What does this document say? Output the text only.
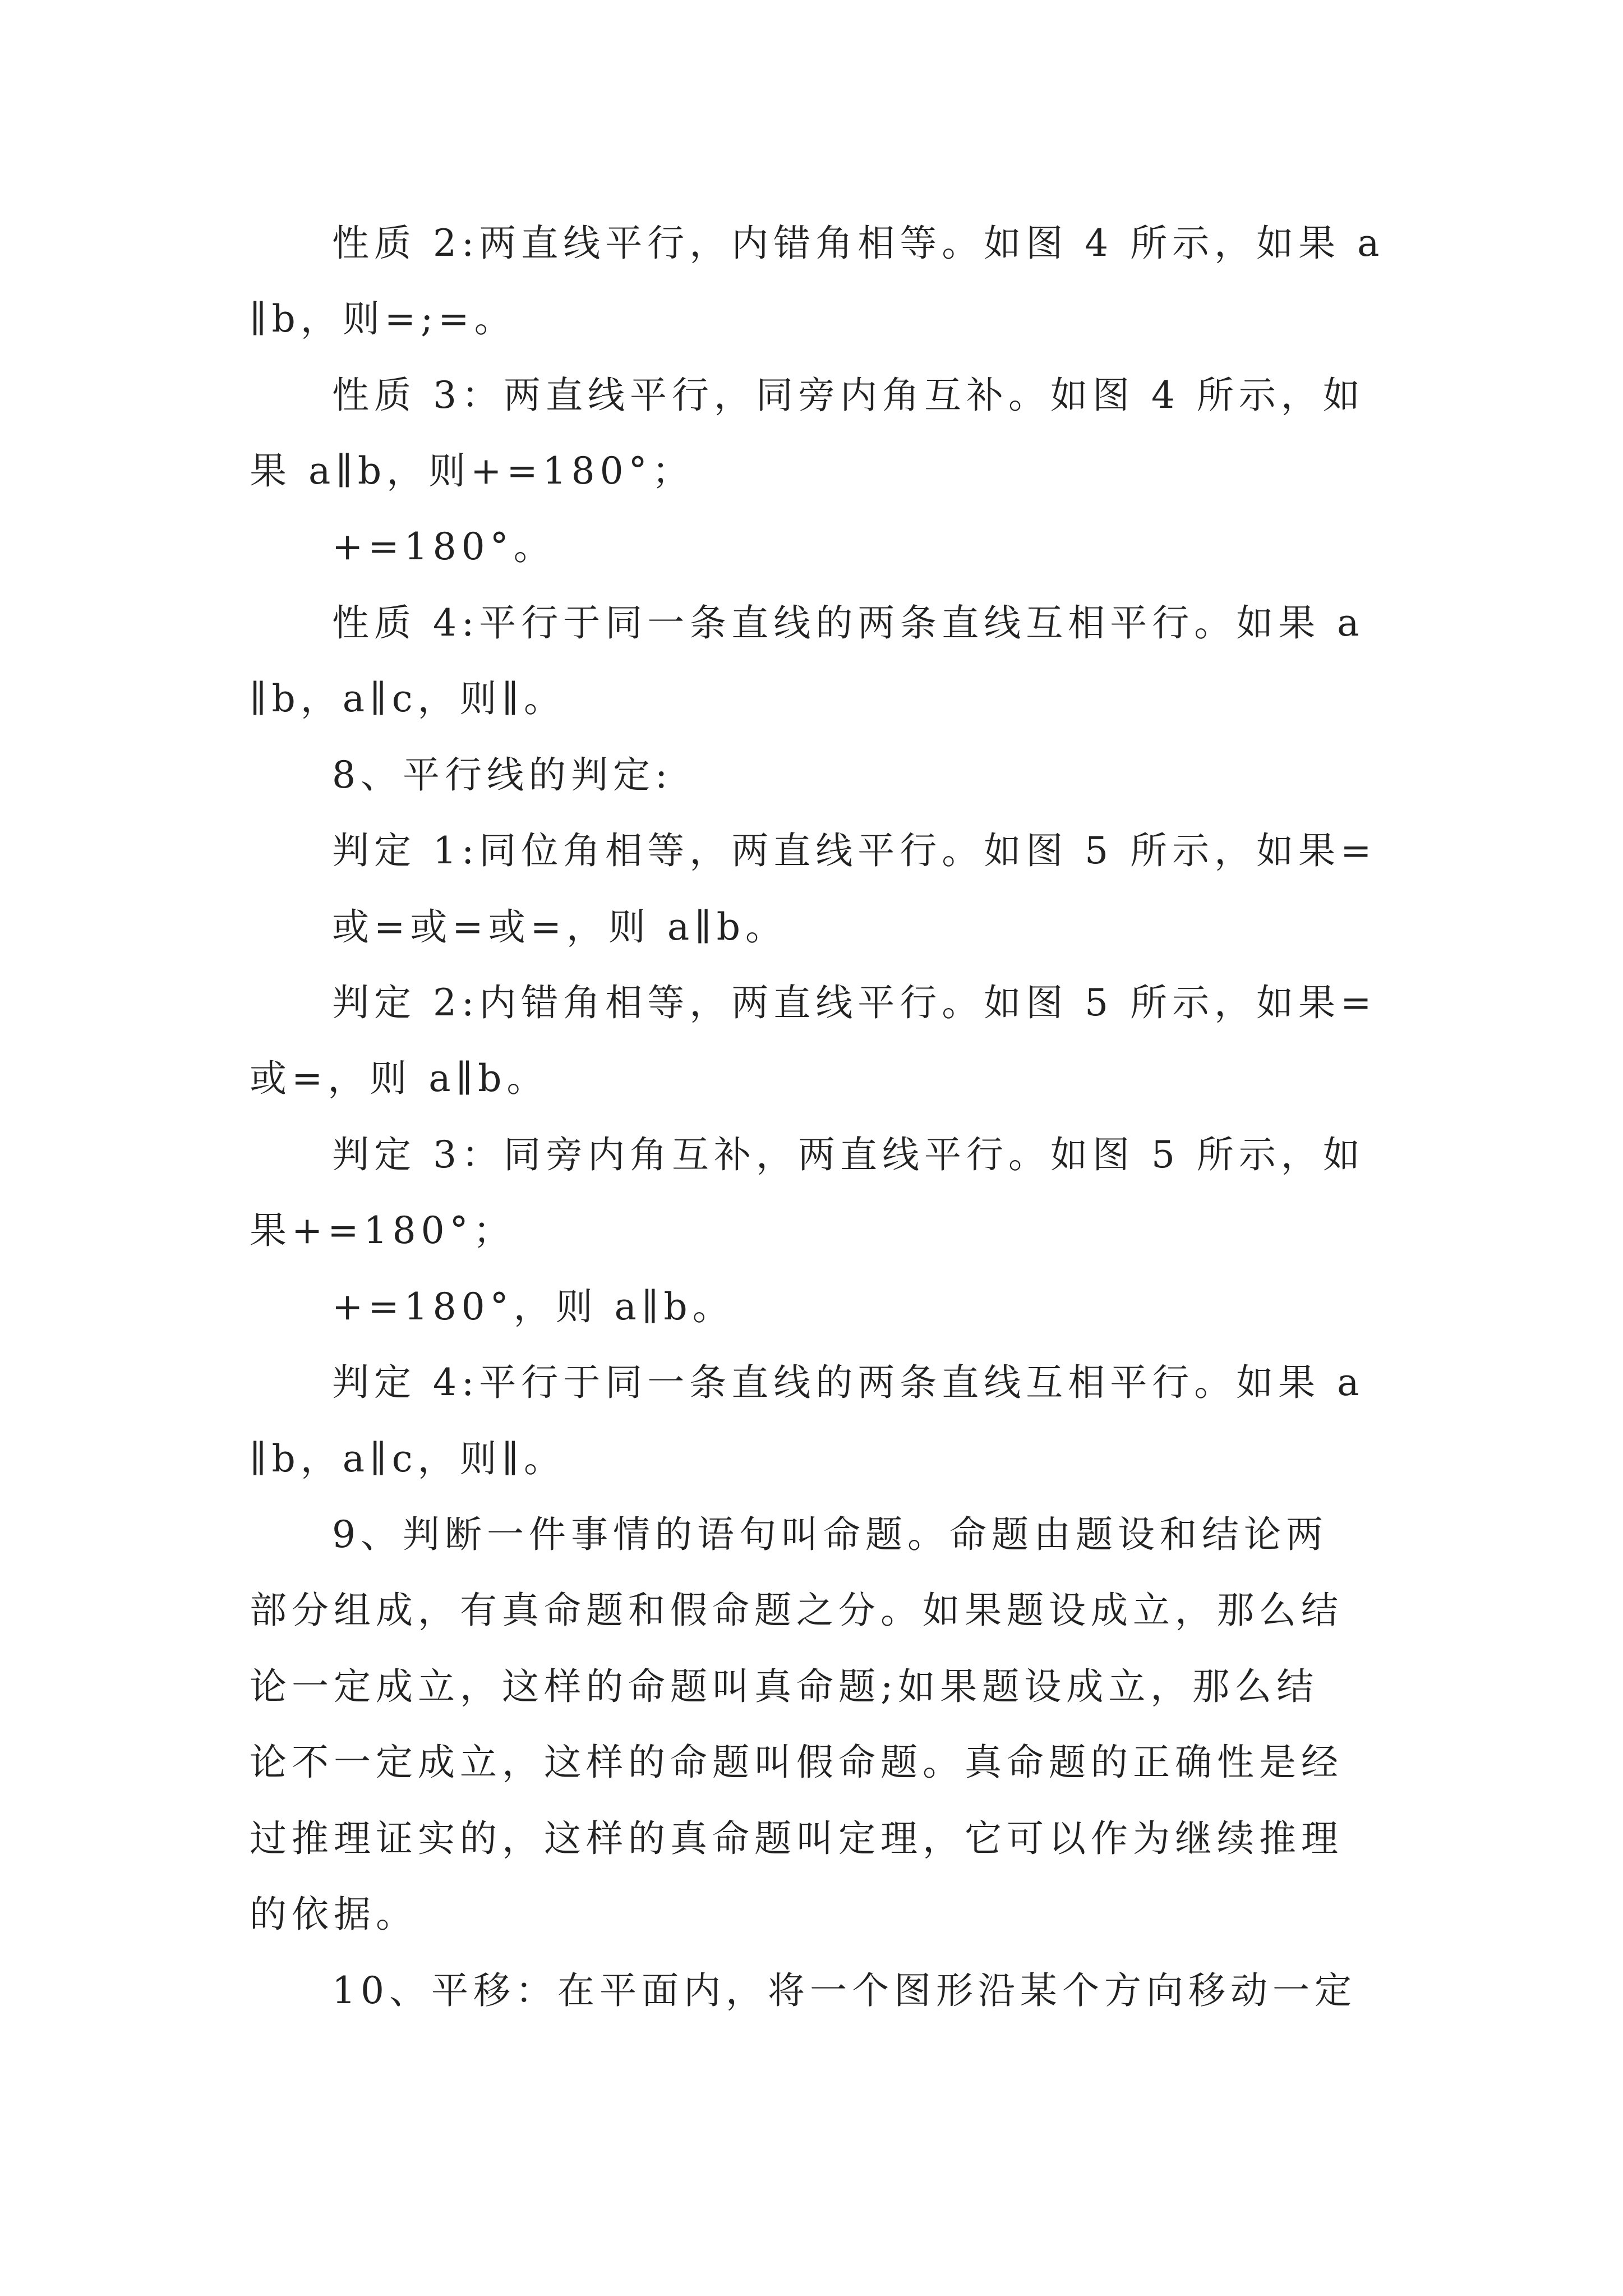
性质 2:两直线平行，内错角相等。如图 4 所示，如果 a
∥b，则=;=。
性质 3：两直线平行，同旁内角互补。如图 4 所示，如
果 a∥b，则+=180°；
+=180°。
性质 4:平行于同一条直线的两条直线互相平行。如果 a
∥b，a∥c，则∥。
8、平行线的判定:
判定 1:同位角相等，两直线平行。如图 5 所示，如果=
或=或=或=，则 a∥b。
判定 2:内错角相等，两直线平行。如图 5 所示，如果=
或=，则 a∥b。
判定 3：同旁内角互补，两直线平行。如图 5 所示，如
果+=180°；
+=180°，则 a∥b。
判定 4:平行于同一条直线的两条直线互相平行。如果 a
∥b，a∥c，则∥。
9、判断一件事情的语句叫命题。命题由题设和结论两
部分组成，有真命题和假命题之分。如果题设成立，那么结
论一定成立，这样的命题叫真命题;如果题设成立，那么结
论不一定成立，这样的命题叫假命题。真命题的正确性是经
过推理证实的，这样的真命题叫定理，它可以作为继续推理
的依据。
10、平移：在平面内，将一个图形沿某个方向移动一定
